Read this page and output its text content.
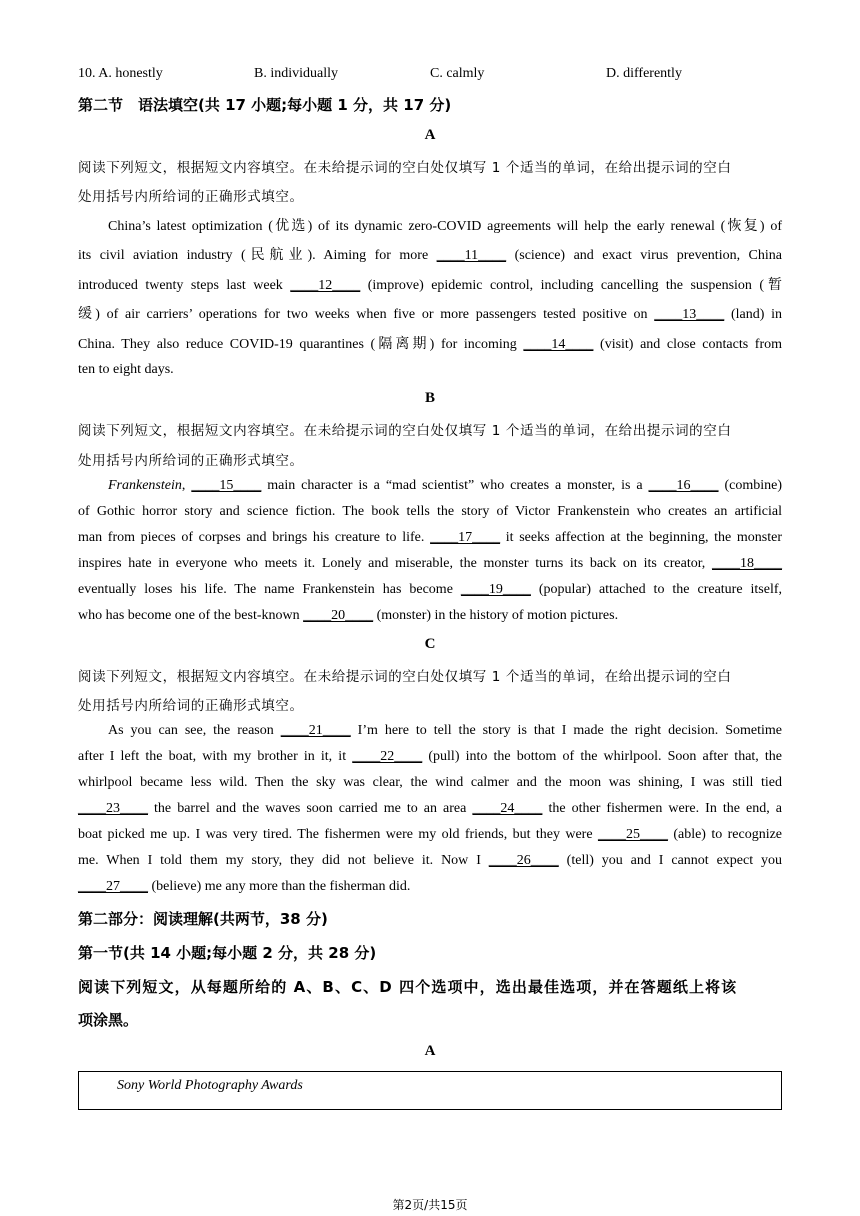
10. A. honestly	B. individually	C. calmly	D. differently
第二节　语法填空(共 17 小题;每小题 1 分，共 17 分)
A
阅读下列短文，根据短文内容填空。在未给提示词的空白处仅填写 1 个适当的单词，在给出提示词的空白
处用括号内所给词的正确形式填空。
China’s latest optimization (优选) of its dynamic zero-COVID agreements will help the early renewal (恢复) of
its civil aviation industry (民航业). Aiming for more ____11____ (science) and exact virus prevention, China
introduced twenty steps last week ____12____ (improve) epidemic control, including cancelling the suspension (暂
缓) of air carriers’ operations for two weeks when five or more passengers tested positive on ____13____ (land) in
China. They also reduce COVID-19 quarantines (隔离期) for incoming ____14____ (visit) and close contacts from
ten to eight days.
B
阅读下列短文，根据短文内容填空。在未给提示词的空白处仅填写 1 个适当的单词，在给出提示词的空白
处用括号内所给词的正确形式填空。
Frankenstein, ____15____ main character is a “mad scientist” who creates a monster, is a ____16____ (combine)
of Gothic horror story and science fiction. The book tells the story of Victor Frankenstein who creates an artificial
man from pieces of corpses and brings his creature to life. ____17____ it seeks affection at the beginning, the monster
inspires hate in everyone who meets it. Lonely and miserable, the monster turns its back on its creator, ____18____
eventually loses his life. The name Frankenstein has become ____19____ (popular) attached to the creature itself,
who has become one of the best-known ____20____ (monster) in the history of motion pictures.
C
阅读下列短文，根据短文内容填空。在未给提示词的空白处仅填写 1 个适当的单词，在给出提示词的空白
处用括号内所给词的正确形式填空。
As you can see, the reason ____21____ I’m here to tell the story is that I made the right decision. Sometime
after I left the boat, with my brother in it, it ____22____ (pull) into the bottom of the whirlpool. Soon after that, the
whirlpool became less wild. Then the sky was clear, the wind calmer and the moon was shining, I was still tied
____23____ the barrel and the waves soon carried me to an area ____24____ the other fishermen were. In the end, a
boat picked me up. I was very tired. The fishermen were my old friends, but they were ____25____ (able) to recognize
me. When I told them my story, they did not believe it. Now I ____26____ (tell) you and I cannot expect you
____27____ (believe) me any more than the fisherman did.
第二部分：阅读理解(共两节，38 分)
第一节(共 14 小题;每小题 2 分，共 28 分)
阅读下列短文，从每题所给的 A、B、C、D 四个选项中，选出最佳选项，并在答题纸上将该
项涂黑。
A
Sony World Photography Awards
第2页/共15页
